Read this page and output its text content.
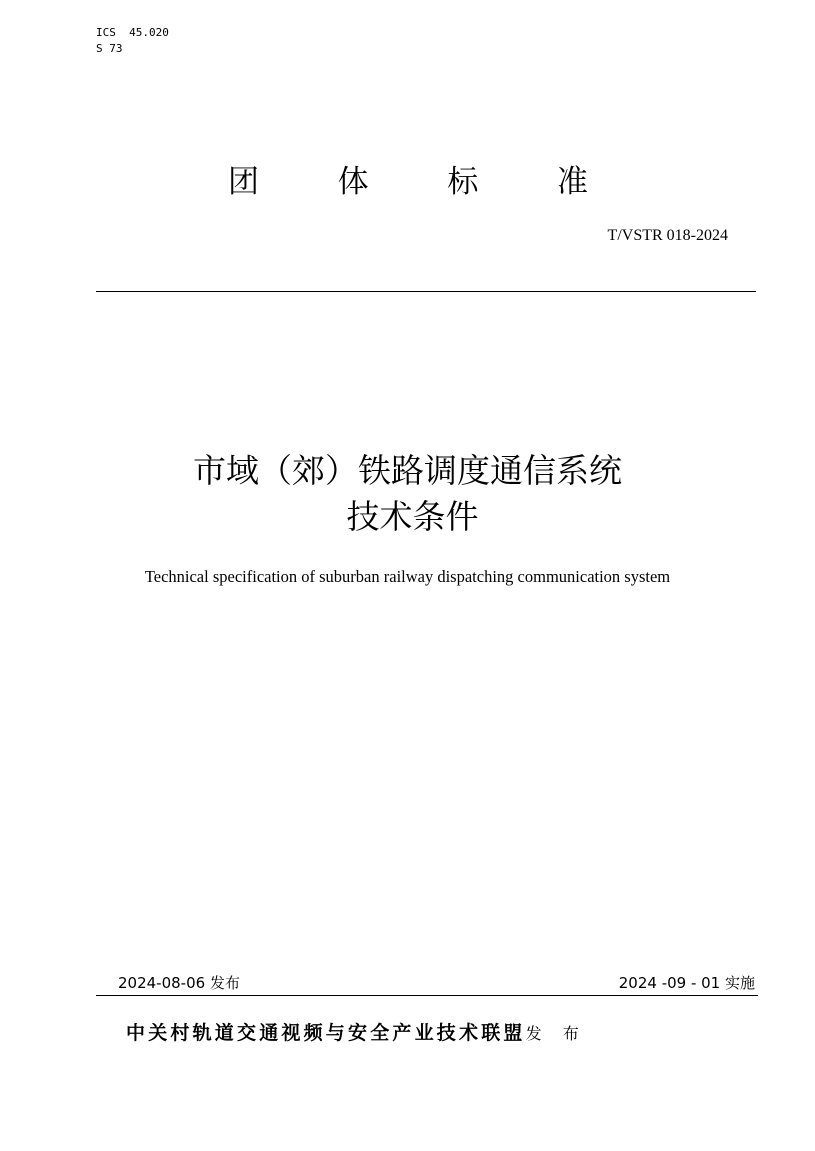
ICS  45.020
S 73
团	体	标	准
T/VSTR 018-2024
市域（郊）铁路调度通信系统
技术条件
Technical specification of suburban railway dispatching communication system
2024-08-06 发布	2024 -09 - 01 实施
中关村轨道交通视频与安全产业技术联盟发 布
